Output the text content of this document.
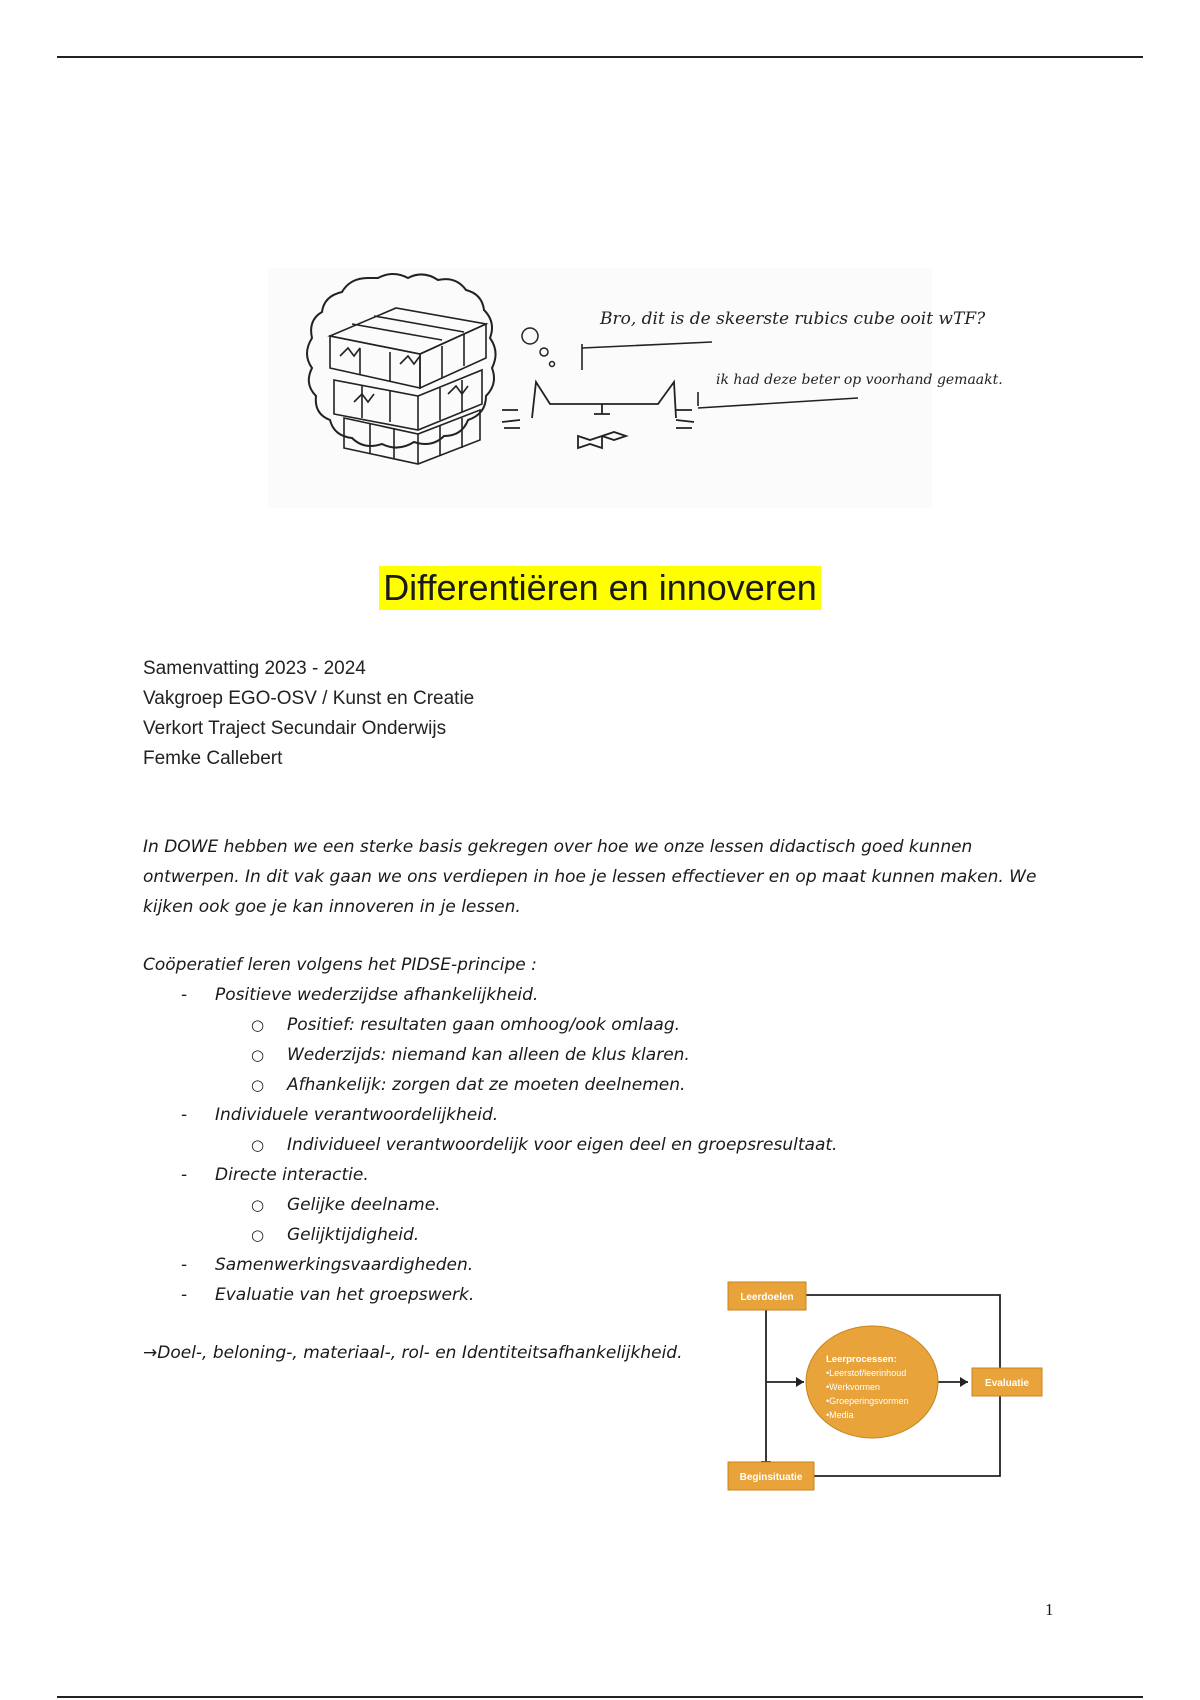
Bro, dit is de skeerste rubics cube ooit wTF?
ik had deze beter op voorhand gemaakt.
Differentiëren en innoveren
Samenvatting 2023 - 2024
Vakgroep EGO-OSV / Kunst en Creatie
Verkort Traject Secundair Onderwijs
Femke Callebert

In DOWE hebben we een sterke basis gekregen over hoe we onze lessen didactisch goed kunnen ontwerpen. In dit vak gaan we ons verdiepen in hoe je lessen effectiever en op maat kunnen maken. We kijken ook goe je kan innoveren in je lessen.

Coöperatief leren volgens het PIDSE-principe :
- Positieve wederzijdse afhankelijkheid.
○ Positief: resultaten gaan omhoog/ook omlaag.
○ Wederzijds: niemand kan alleen de klus klaren.
○ Afhankelijk: zorgen dat ze moeten deelnemen.
- Individuele verantwoordelijkheid.
○ Individueel verantwoordelijk voor eigen deel en groepsresultaat.
- Directe interactie.
○ Gelijke deelname.
○ Gelijktijdigheid.
- Samenwerkingsvaardigheden.
- Evaluatie van het groepswerk.
→Doel-, beloning-, materiaal-, rol- en Identiteitsafhankelijkheid.
Leerdoelen
Beginsituatie
Evaluatie
Leerprocessen:
•Leerstof/leerinhoud
•Werkvormen
•Groeperingsvormen
•Media
1
